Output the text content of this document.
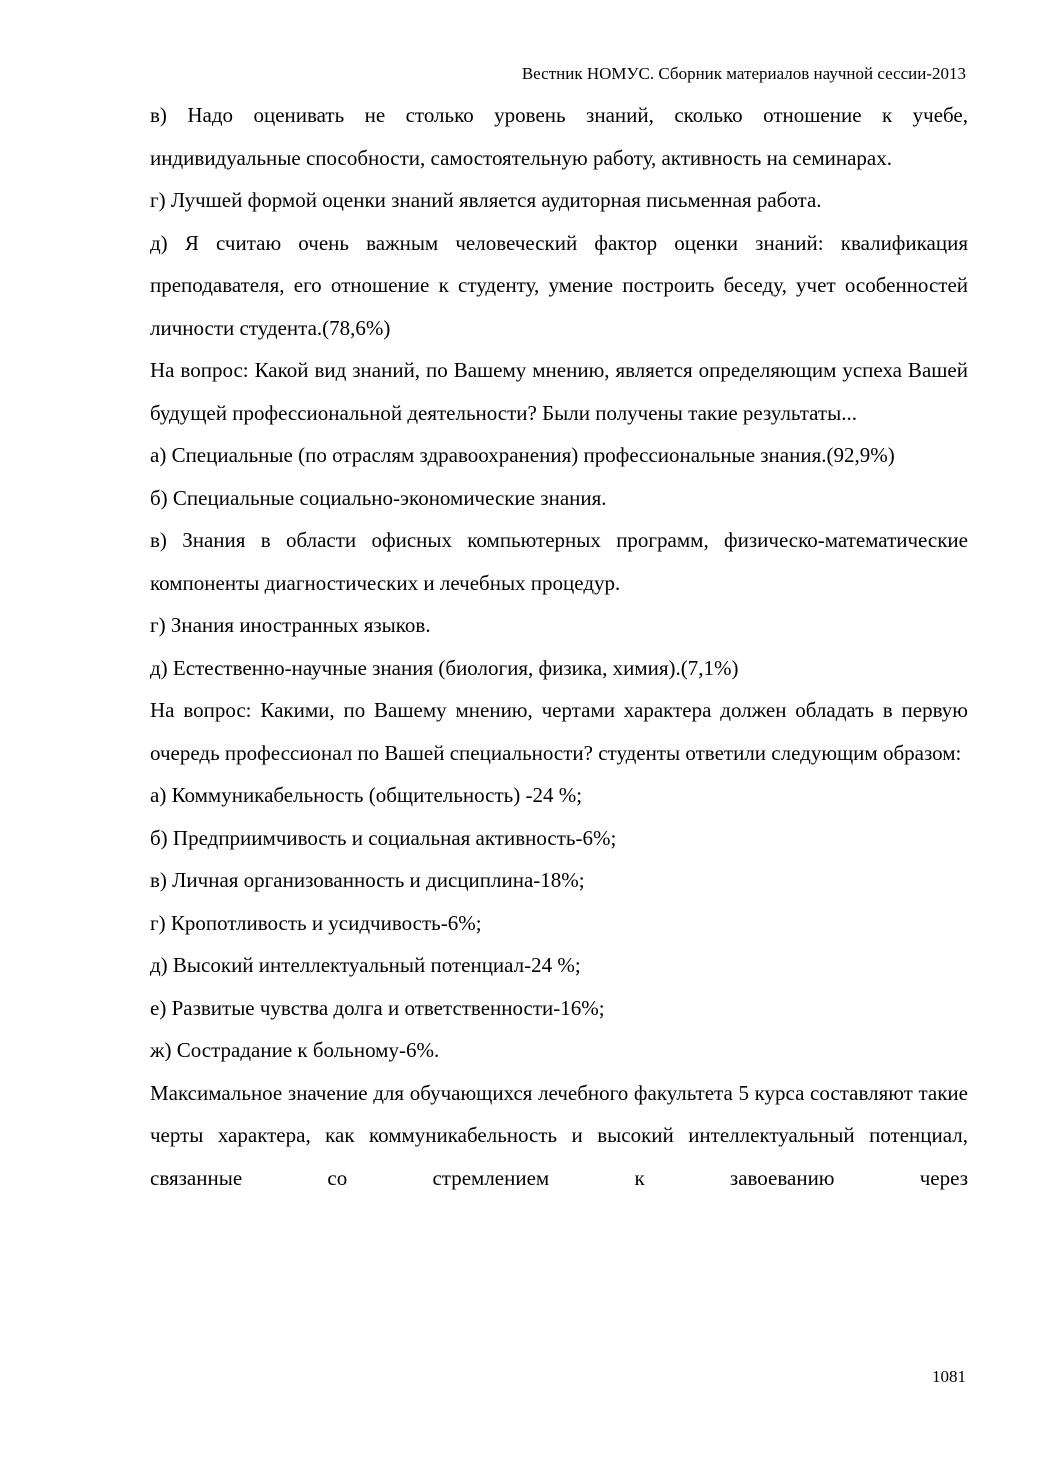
Вестник НОМУС. Сборник материалов научной сессии-2013

в) Надо оценивать не столько уровень знаний, сколько отношение к учебе, индивидуальные способности, самостоятельную работу, активность на семинарах.

г) Лучшей формой оценки знаний является аудиторная письменная работа.

д) Я считаю очень важным человеческий фактор оценки знаний: квалификация преподавателя, его отношение к студенту, умение построить беседу, учет особенностей личности студента.(78,6%)

На вопрос: Какой вид знаний, по Вашему мнению, является определяющим успеха Вашей будущей профессиональной деятельности? Были получены такие результаты...

а) Специальные (по отраслям здравоохранения) профессиональные знания.(92,9%)

б) Специальные социально-экономические знания.

в) Знания в области офисных компьютерных программ, физическо-математические компоненты диагностических и лечебных процедур.

г) Знания иностранных языков.

д) Естественно-научные знания (биология, физика, химия).(7,1%)

На вопрос: Какими, по Вашему мнению, чертами характера должен обладать в первую очередь профессионал по Вашей специальности? студенты ответили следующим образом:

а) Коммуникабельность (общительность) -24 %;

б) Предприимчивость и социальная активность-6%;

в) Личная организованность и дисциплина-18%;

г) Кропотливость и усидчивость-6%;

д) Высокий интеллектуальный потенциал-24 %;

е) Развитые чувства долга и ответственности-16%;

ж) Сострадание к больному-6%.

Максимальное значение для обучающихся лечебного факультета 5 курса составляют такие черты характера, как коммуникабельность и высокий интеллектуальный потенциал, связанные со стремлением к завоеванию через

1081
